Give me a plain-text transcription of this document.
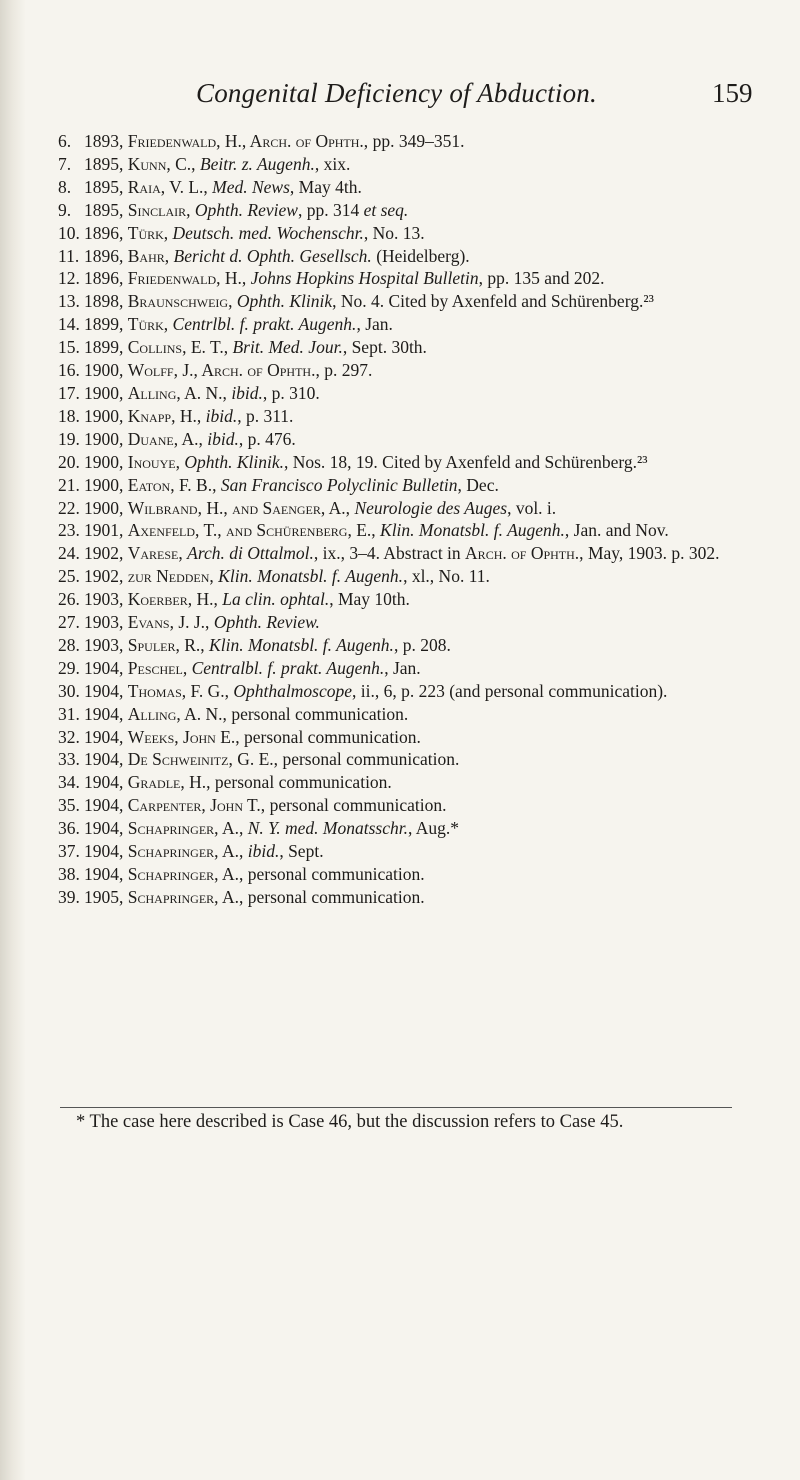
Congenital Deficiency of Abduction.	159

6. 1893, Friedenwald, H., Arch. of Ophth., pp. 349–351.

7. 1895, Kunn, C., Beitr. z. Augenh., xix.

8. 1895, Raia, V. L., Med. News, May 4th.

9. 1895, Sinclair, Ophth. Review, pp. 314 et seq.

10. 1896, Türk, Deutsch. med. Wochenschr., No. 13.

11. 1896, Bahr, Bericht d. Ophth. Gesellsch. (Heidelberg).

12. 1896, Friedenwald, H., Johns Hopkins Hospital Bulletin, pp. 135 and 202.

13. 1898, Braunschweig, Ophth. Klinik, No. 4. Cited by Axenfeld and Schürenberg.²³

14. 1899, Türk, Centrlbl. f. prakt. Augenh., Jan.

15. 1899, Collins, E. T., Brit. Med. Jour., Sept. 30th.

16. 1900, Wolff, J., Arch. of Ophth., p. 297.

17. 1900, Alling, A. N., ibid., p. 310.

18. 1900, Knapp, H., ibid., p. 311.

19. 1900, Duane, A., ibid., p. 476.

20. 1900, Inouye, Ophth. Klinik., Nos. 18, 19. Cited by Axenfeld and Schürenberg.²³

21. 1900, Eaton, F. B., San Francisco Polyclinic Bulletin, Dec.

22. 1900, Wilbrand, H., and Saenger, A., Neurologie des Auges, vol. i.

23. 1901, Axenfeld, T., and Schürenberg, E., Klin. Monatsbl. f. Augenh., Jan. and Nov.

24. 1902, Varese, Arch. di Ottalmol., ix., 3–4. Abstract in Arch. of Ophth., May, 1903. p. 302.

25. 1902, zur Nedden, Klin. Monatsbl. f. Augenh., xl., No. 11.

26. 1903, Koerber, H., La clin. ophtal., May 10th.

27. 1903, Evans, J. J., Ophth. Review.

28. 1903, Spuler, R., Klin. Monatsbl. f. Augenh., p. 208.

29. 1904, Peschel, Centralbl. f. prakt. Augenh., Jan.

30. 1904, Thomas, F. G., Ophthalmoscope, ii., 6, p. 223 (and personal communication).

31. 1904, Alling, A. N., personal communication.

32. 1904, Weeks, John E., personal communication.

33. 1904, De Schweinitz, G. E., personal communication.

34. 1904, Gradle, H., personal communication.

35. 1904, Carpenter, John T., personal communication.

36. 1904, Schapringer, A., N. Y. med. Monatsschr., Aug.*

37. 1904, Schapringer, A., ibid., Sept.

38. 1904, Schapringer, A., personal communication.

39. 1905, Schapringer, A., personal communication.

* The case here described is Case 46, but the discussion refers to Case 45.
